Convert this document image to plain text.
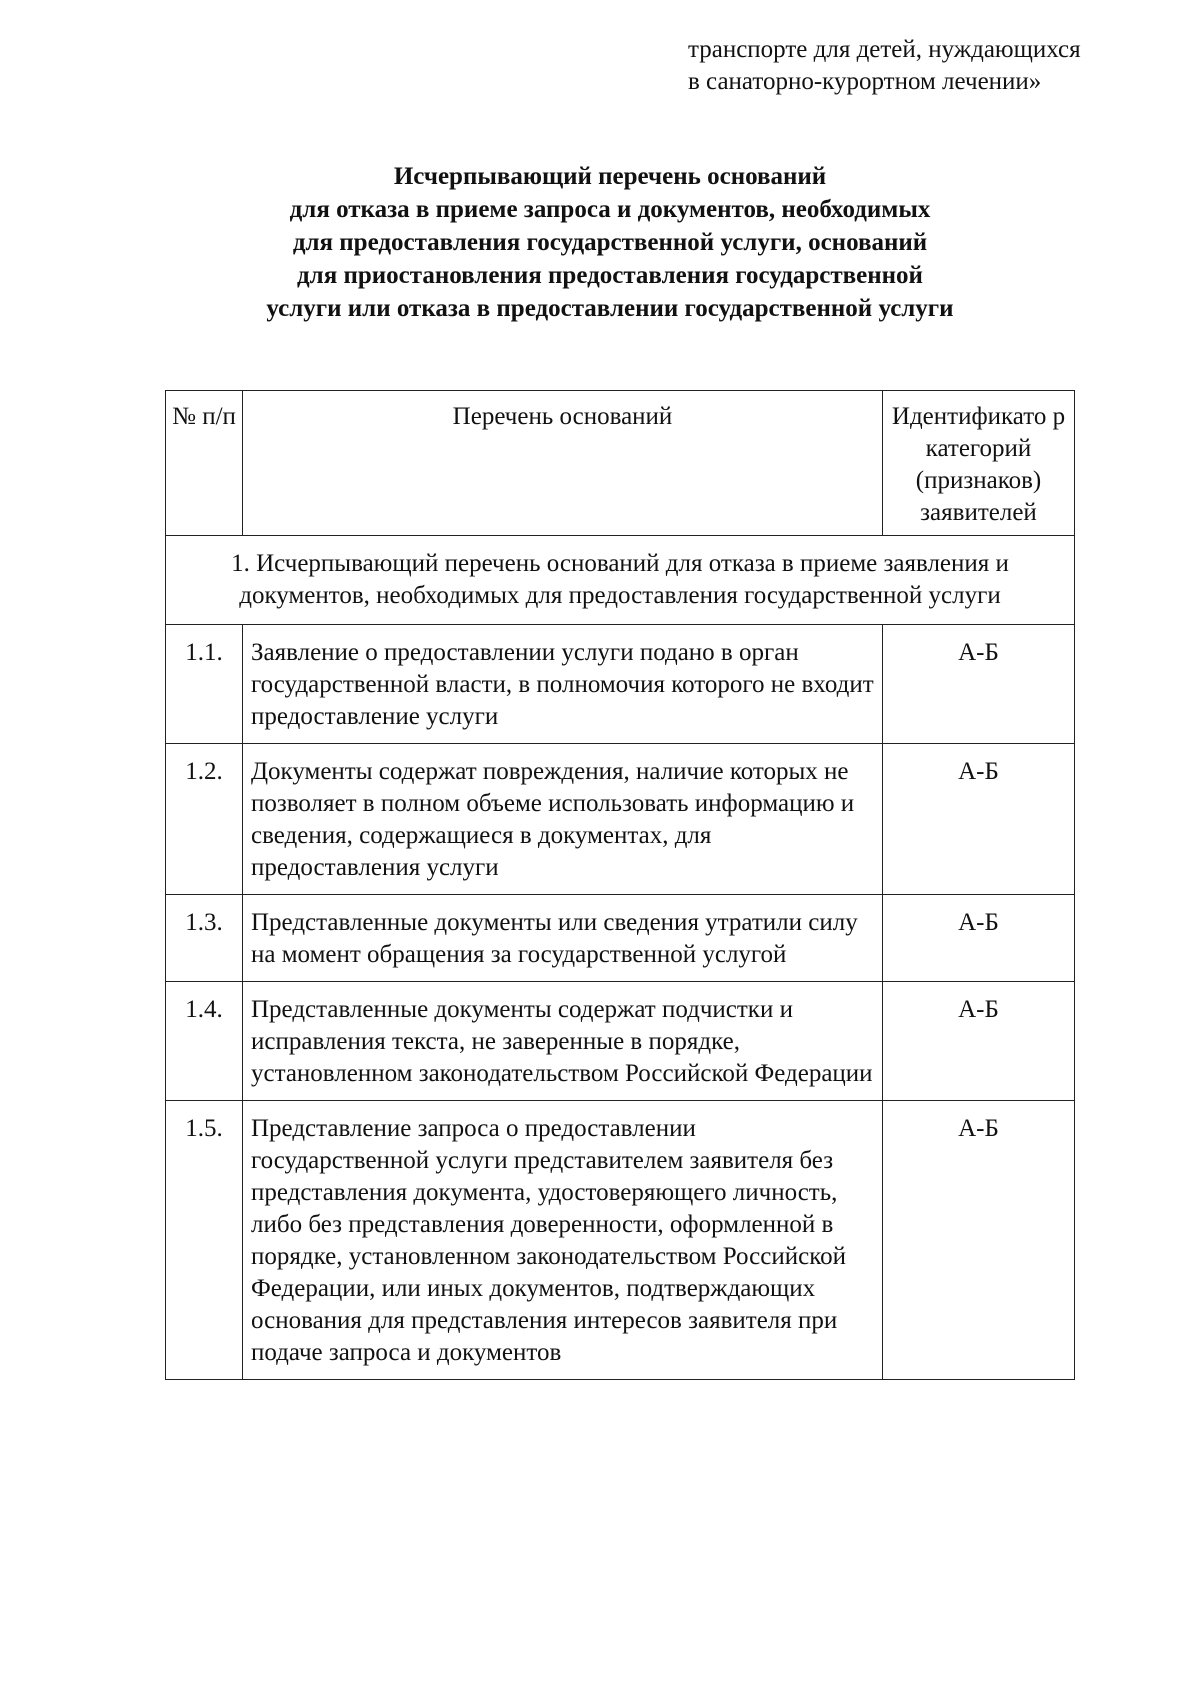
транспорте для детей, нуждающихся
в санаторно-курортном лечении»
Исчерпывающий перечень оснований
для отказа в приеме запроса и документов, необходимых
для предоставления государственной услуги, оснований
для приостановления предоставления государственной
услуги или отказа в предоставлении государственной услуги
№ п/п	Перечень оснований	Идентификато р категорий (признаков) заявителей
1. Исчерпывающий перечень оснований для отказа в приеме заявления и документов, необходимых для предоставления государственной услуги		
1.1.	Заявление о предоставлении услуги подано в орган государственной власти, в полномочия которого не входит предоставление услуги	А-Б
1.2.	Документы содержат повреждения, наличие которых не позволяет в полном объеме использовать информацию и сведения, содержащиеся в документах, для предоставления услуги	А-Б
1.3.	Представленные документы или сведения утратили силу на момент обращения за государственной услугой	А-Б
1.4.	Представленные документы содержат подчистки и исправления текста, не заверенные в порядке, установленном законодательством Российской Федерации	А-Б
1.5.	Представление запроса о предоставлении государственной услуги представителем заявителя без представления документа, удостоверяющего личность, либо без представления доверенности, оформленной в порядке, установленном законодательством Российской Федерации, или иных документов, подтверждающих основания для представления интересов заявителя при подаче запроса и документов	А-Б
